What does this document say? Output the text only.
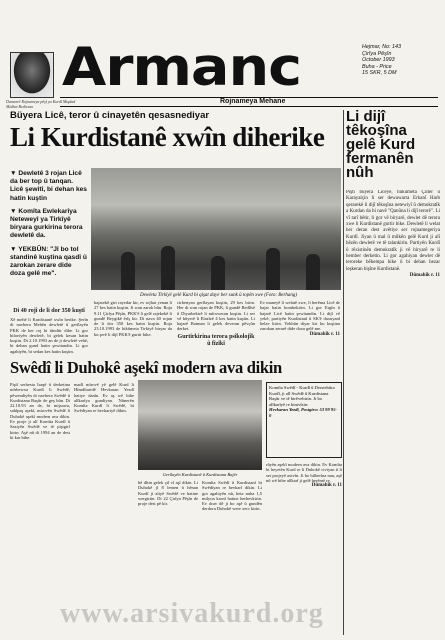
Damezrê Rojnameya pêşî ya Kurdî Miqdad Midhat Bedirxan
Armanc	Hejmar, No: 143
Çirîya Pêşîn
October 1993
Buha - Price
15 SKR, 5 DM
Rojnameya Mehane
Büyera Licê, teror û cinayetên qesasnediyar
Li Kurdistanê xwîn diherike

▼ Dewletê 3 rojan Licê da ber top û tanqan. Licê şewitî, bi dehan kes hatin kuştin

▼ Komîta Ewlekarîya Neteweyî ya Tirkîyê biryara gurkirina terora dewletê da.

▼ YEKBÛN: "Jî bo tol standinê kuştina qasdî û zarokan zerare dide doza gelê me".

Dewleta Tirkîyê gelê Kurd bi qişat daye ber sunk û topên xwe (Foto: Berhang)
Di 40 rojî de li dor 350 kuştî
Xê mehê li Kurdistanê xwîn herike. Şerîn di navbera Mehên dewletê û gerîlayên PKK de her roj bi tûndtir dibe. Li gor bilaviyên dewletê, bi gelek kesan hatin kuştin. Di 2.10.1993 an de ji dewletê vehê, bi dehan gund hatin şewitandin. Li gor agahiyên, bi sedan kes hatin kuştin.
bajarekê girt rayedar kir, ev rojhat yenan li 27 kes hatin kuştin. Ji wan zarok bûn. Roja 9.11 Çirîya Pêşîn, PKK'ê li gelê rajekekê li gundê Beygikê êrîş kir. Di nava 40 rojan de li dor 350 kes hatin kuştin. Roja 23.10.1993 de hikûmeta Tirkiyê biryar da ku şerê li dijî PKK'ê gurtir bike.
cirbenyan gerîlayan kuştin, 29 kes birin. Her di wan rojan de PKK, li gundê Bedlîsê û Diyarbekirê li mîrxweran kuştin. Li ser vê bûyerê li Elazîzê 4 kes hatin kuştin. Li bajarê Batman li gelek deveran pêvçûn derket.
Gurtirkirina terora psîkolojîk û fîzîkî
Ev maneyê li welatê xwe, li herêma Licê de bajar hatin bombekirin. Li gor Ergîn û bajarê Licê hatin şewitandin. Li dijî vê yekê, partiyên Kurdistanî û SK'ê daxuyanî belav kirin. Yekbûn diyar kir ku kuştina zarokan zerarê dide doza gelê me.
Dûmahîk r. 11
Li dijî têkoşîna gelê Kurd fermanên nûh
Piştî bûyera Licêyê, hukûmeta Çîller û Karayalçin li ser dewawarra Erkanî Harb qerarekê li dijî têkoşîna netewiyî û demokratîk a Kurdan da bi navê "Qanûna li dijî terorê". Li vî tarî bêtir, li gor vê biryarê, dewlet dê terora xwe li Kurdistanê gurtir bike. Dewletê li welat her deran dest avêtiye ser rojnamegeriya Kurdî. Jiyan û mal û milkên gelê Kurd ji alî hêzên dewletê ve tê talankirin. Partiyên Kurdî û rêxistinên demokratîk ji vê biryarê re li hember derketin. Li gor agahiyan dewlet dê teroreke bêhempa bike û bi dehan hezar leşkeran bişîne Kurdistanê.
Dûmahîk r. 11
Swêdî li Duhokê aşekî modern ava dikin
Piştî serbesta Iraqê û derketina mîrhewxa Kurdî li Swêdê, pêwendiyên di navbera Swêdê û Kurdistana Başûr de geş bûn. Di 22.10.93 an de, bi mijsawa, sahîpaş aşekî, mirovên Swêdê li Duhokê aşekî modern ava dikin. Ev proje ji alî Komîta Kurdî û Saziyên Swêdê ve tê piştgirî kirin. Aşê nû di 1994 an de dest bi kar bibe.
madî mîrovê yê gelê Kurd li Hîmdîtaridê Hevkaran Yezdî hatiye danîn. Ev aş wê bibe alîkarîya gundiyan. Nûnerên Komîta Kurdî li Swêdê, bi Swêdiyan re hevkariyê dikin.
Gerîlayên Kurdistanê û Kurdistana Bajêr
bê dîtin gelek çil vî aşî dikin. Li Duhokê jî 8 lemen û hênan Kurdî ji aliyê Swêdê ve hatine wergirtin. Di 22 Çirîya Pêşîn de proje dest pê kir.
Komîta Swêdî û Kurdistanî bi Swêdiyan re hevkarî dikin. Li gor agahiyên nû, heta nuha 1,5 milyon kronî hatine berhevkirin. Ev drav dê ji bo aşê û gundên derdora Duhokê were xerc kirin.
Komîta Swêdî - Kurdî û Derstebûra Kurdî, ji alî Swêdê û Kurdistana Başûr ve tê birêvebirin. Ji bo alîkarîyê re binivîsin:
Hevkaran Yezdî, Postgiro: 53 99 95-0
rûyên aşekî modern ava dikin. Ev Komîta bi heyetên Kurd re li Duhokê civiyan û li ser projeyê axivîn. Ji bo hilberîna nan, aşê nû wê bibe alîkarî ji gelê herêmê re.
Dûmahîk r. 11
www.arsivakurd.org
